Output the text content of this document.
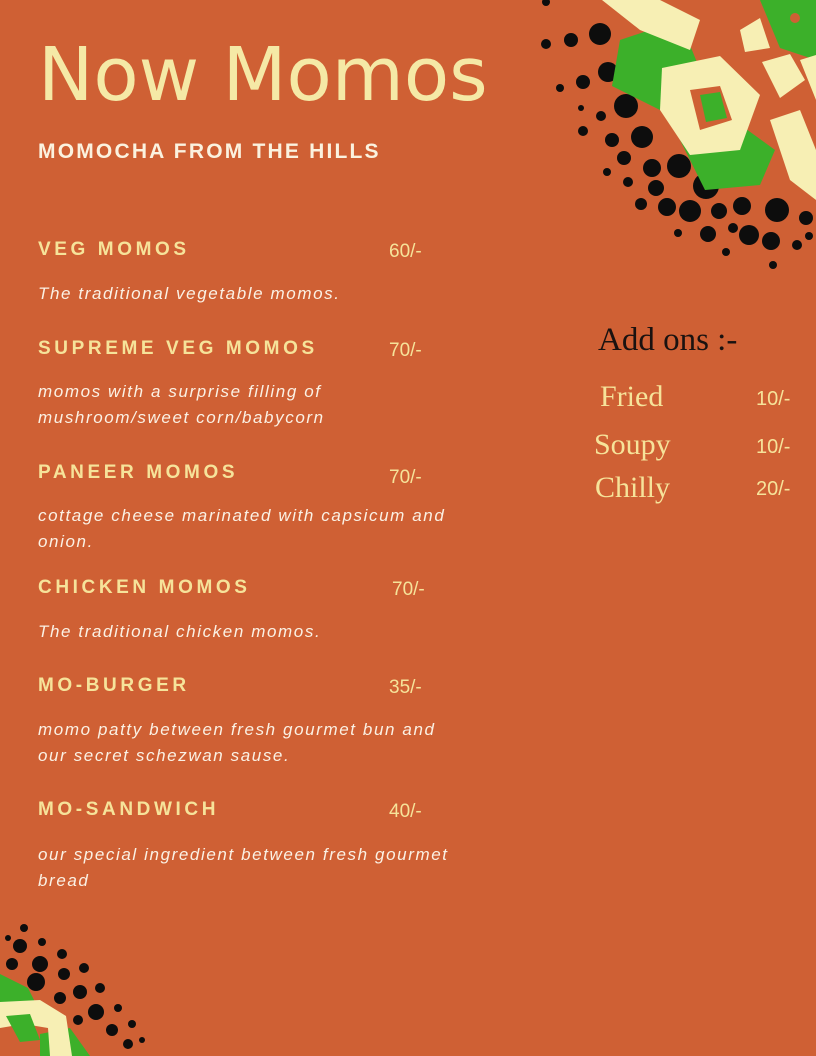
Now Momos
MOMOCHA FROM THE HILLS
VEG MOMOS	60/-
The traditional vegetable momos.
SUPREME VEG MOMOS	70/-
momos with a surprise filling of mushroom/sweet corn/babycorn
PANEER MOMOS	70/-
cottage cheese marinated with capsicum and onion.
CHICKEN MOMOS	70/-
The traditional chicken momos.
MO-BURGER	35/-
momo patty between fresh gourmet bun and our secret schezwan sause.
MO-SANDWICH	40/-
our special ingredient between fresh gourmet bread
Add ons :-
Fried	10/-
Soupy	10/-
Chilly	20/-
